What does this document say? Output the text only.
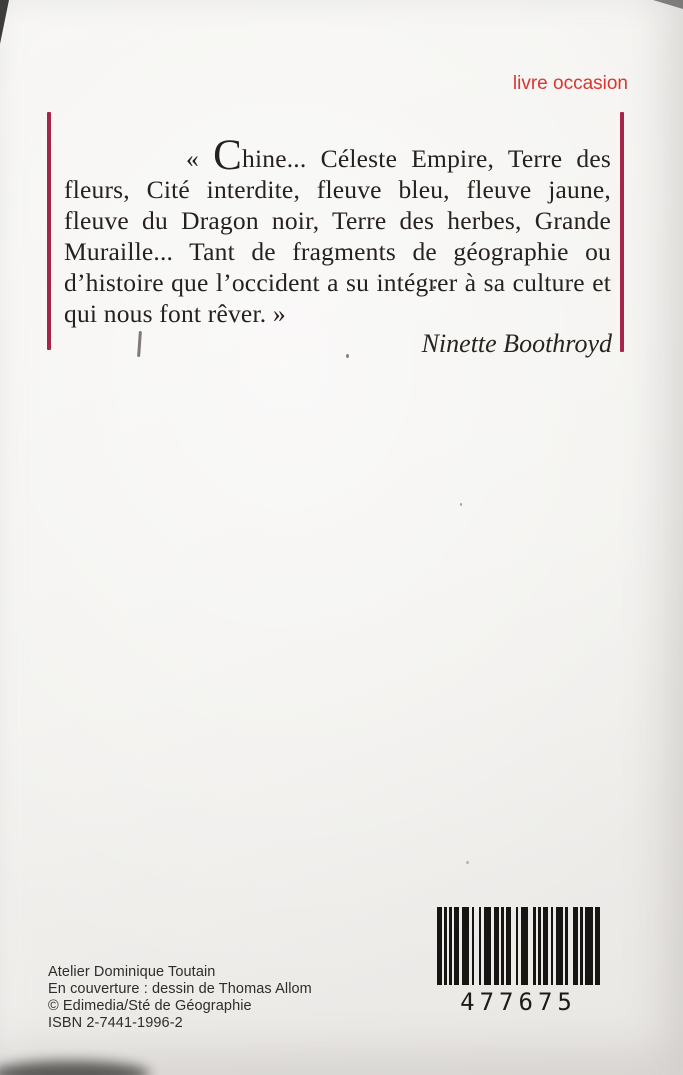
livre occasion

« Chine... Céleste Empire, Terre des fleurs, Cité interdite, fleuve bleu, fleuve jaune, fleuve du Dragon noir, Terre des herbes, Grande Muraille... Tant de fragments de géographie ou d’histoire que l’occident a su intégrer à sa culture et qui nous font rêver. »

Ninette Boothroyd
Atelier Dominique Toutain
En couverture : dessin de Thomas Allom
© Edimedia/Sté de Géographie
ISBN 2-7441-1996-2
477675
